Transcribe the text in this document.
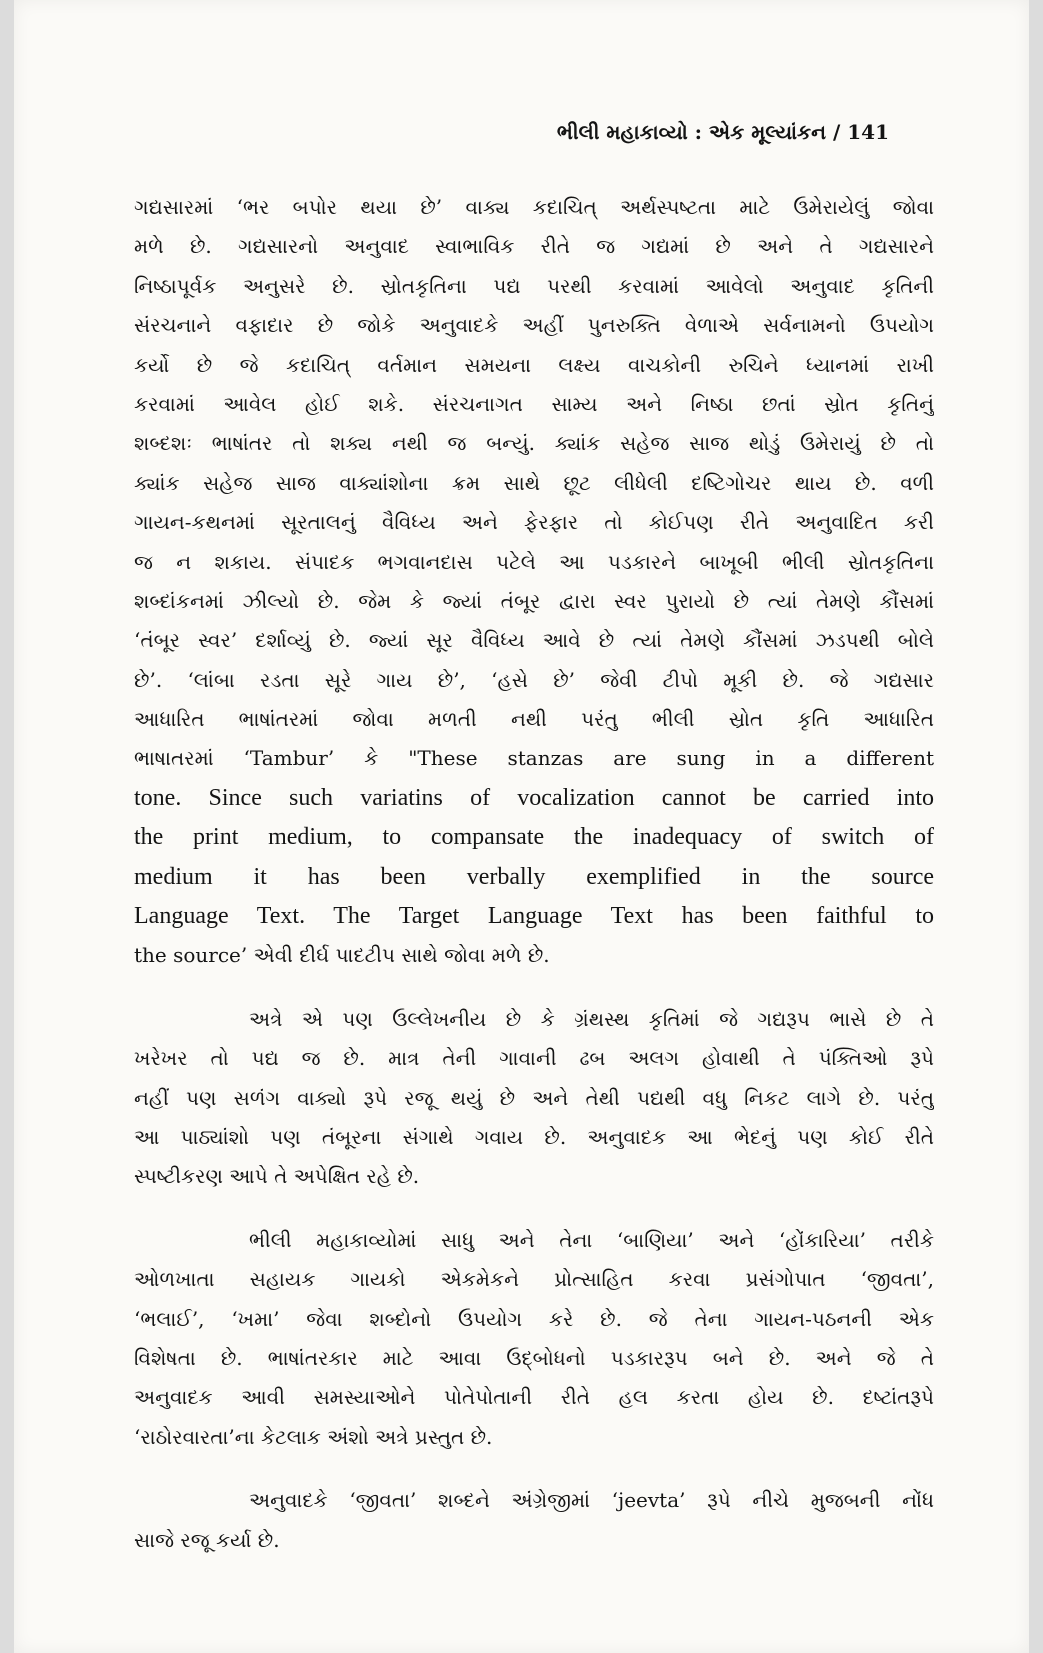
ભીલી મહાકાવ્યો : એક મૂલ્યાંકન / 141
ગદ્યસારમાં ‘ભર બપોર થયા છે’ વાક્ય કદાચિત્ અર્થસ્પષ્ટતા માટે ઉમેરાયેલું જોવા
મળે છે. ગદ્યસારનો અનુવાદ સ્વાભાવિક રીતે જ ગદ્યમાં છે અને તે ગદ્યસારને
નિષ્ઠાપૂર્વક અનુસરે છે. સ્રોતકૃતિના પદ્ય પરથી કરવામાં આવેલો અનુવાદ કૃતિની
સંરચનાને વફાદાર છે જોકે અનુવાદકે અહીં પુનરુક્તિ વેળાએ સર્વનામનો ઉપયોગ
કર્યો છે જે કદાચિત્ વર્તમાન સમયના લક્ષ્ય વાચકોની રુચિને ધ્યાનમાં રાખી
કરવામાં આવેલ હોઈ શકે. સંરચનાગત સામ્ય અને નિષ્ઠા છતાં સ્રોત કૃતિનું
શબ્દશઃ ભાષાંતર તો શક્ય નથી જ બન્યું. ક્યાંક સહેજ સાજ થોડું ઉમેરાયું છે તો
ક્યાંક સહેજ સાજ વાક્યાંશોના ક્રમ સાથે છૂટ લીધેલી દષ્ટિગોચર થાય છે. વળી
ગાયન-કથનમાં સૂરતાલનું વૈવિધ્ય અને ફેરફાર તો કોઈપણ રીતે અનુવાદિત કરી
જ ન શકાય. સંપાદક ભગવાનદાસ પટેલે આ પડકારને બાખૂબી ભીલી સ્રોતકૃતિના
શબ્દાંકનમાં ઝીલ્યો છે. જેમ કે જ્યાં તંબૂર દ્વારા સ્વર પુરાયો છે ત્યાં તેમણે કૌંસમાં
‘તંબૂર સ્વર’ દર્શાવ્યું છે. જ્યાં સૂર વૈવિધ્ય આવે છે ત્યાં તેમણે કૌંસમાં ઝડપથી બોલે
છે’. ‘લાંબા રડતા સૂરે ગાય છે’, ‘હસે છે’ જેવી ટીપો મૂકી છે. જે ગદ્યસાર
આધારિત ભાષાંતરમાં જોવા મળતી નથી પરંતુ ભીલી સ્રોત કૃતિ આધારિત
ભાષાતરમાં ‘Tambur’ કે "These stanzas are sung in a different
tone. Since such variatins of vocalization cannot be carried into
the print medium, to compansate the inadequacy of switch of
medium it has been verbally exemplified in the source
Language Text. The Target Language Text has been faithful to
the source’ એવી દીર્ઘ પાદટીપ સાથે જોવા મળે છે.
અત્રે એ પણ ઉલ્લેખનીય છે કે ગ્રંથસ્થ કૃતિમાં જે ગદ્યરૂપ ભાસે છે તે
ખરેખર તો પદ્ય જ છે. માત્ર તેની ગાવાની ઢબ અલગ હોવાથી તે પંક્તિઓ રૂપે
નહીં પણ સળંગ વાક્યો રૂપે રજૂ થયું છે અને તેથી પદ્યથી વધુ નિકટ લાગે છે. પરંતુ
આ પાઠ્યાંશો પણ તંબૂરના સંગાથે ગવાય છે. અનુવાદક આ ભેદનું પણ કોઈ રીતે
સ્પષ્ટીકરણ આપે તે અપેક્ષિત રહે છે.
ભીલી મહાકાવ્યોમાં સાધુ અને તેના ‘બાણિયા’ અને ‘હોંકારિયા’ તરીકે
ઓળખાતા સહાયક ગાયકો એકમેકને પ્રોત્સાહિત કરવા પ્રસંગોપાત ‘જીવતા’,
‘ભલાઈ’, ‘ખમા’ જેવા શબ્દોનો ઉપયોગ કરે છે. જે તેના ગાયન-પઠનની એક
વિશેષતા છે. ભાષાંતરકાર માટે આવા ઉદ્‌બોધનો પડકારરૂપ બને છે. અને જે તે
અનુવાદક આવી સમસ્યાઓને પોતેપોતાની રીતે હલ કરતા હોય છે. દષ્ટાંતરૂપે
‘રાઠોરવારતા’ના કેટલાક અંશો અત્રે પ્રસ્તુત છે.
અનુવાદકે ‘જીવતા’ શબ્દને અંગ્રેજીમાં ‘jeevta’ રૂપે નીચે મુજબની નોંધ
સાજે રજૂ કર્યા છે.
